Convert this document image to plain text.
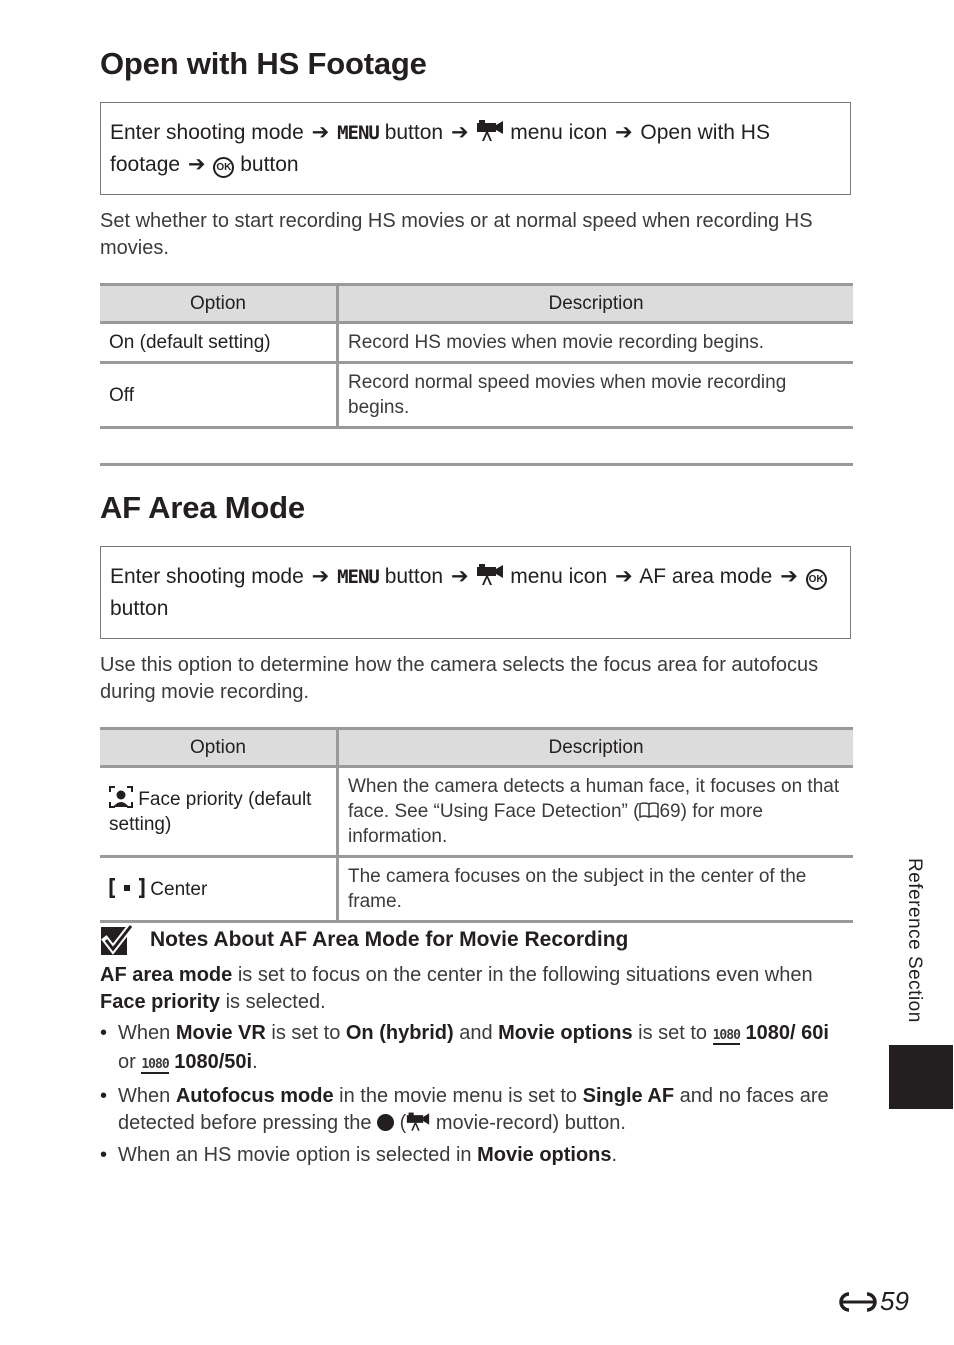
Open with HS Footage
Enter shooting mode ➔ MENU button ➔ menu icon ➔ Open with HS footage ➔ OK button

Set whether to start recording HS movies or at normal speed when recording HS movies.

Option	Description
On (default setting)	Record HS movies when movie recording begins.
Off	Record normal speed movies when movie recording begins.
AF Area Mode
Enter shooting mode ➔ MENU button ➔ menu icon ➔ AF area mode ➔ OK button

Use this option to determine how the camera selects the focus area for autofocus during movie recording.

Option	Description
Face priority (default setting)	When the camera detects a human face, it focuses on that face. See “Using Face Detection” ( 69) for more information.
Center	The camera focuses on the subject in the center of the frame.
Notes About AF Area Mode for Movie Recording

AF area mode is set to focus on the center in the following situations even when Face priority is selected.

• When Movie VR is set to On (hybrid) and Movie options is set to 1080 1080/ 60i or 1080 1080/50i.
• When Autofocus mode in the movie menu is set to Single AF and no faces are detected before pressing the  ( movie-record) button.
• When an HS movie option is selected in Movie options.
Reference Section
59
